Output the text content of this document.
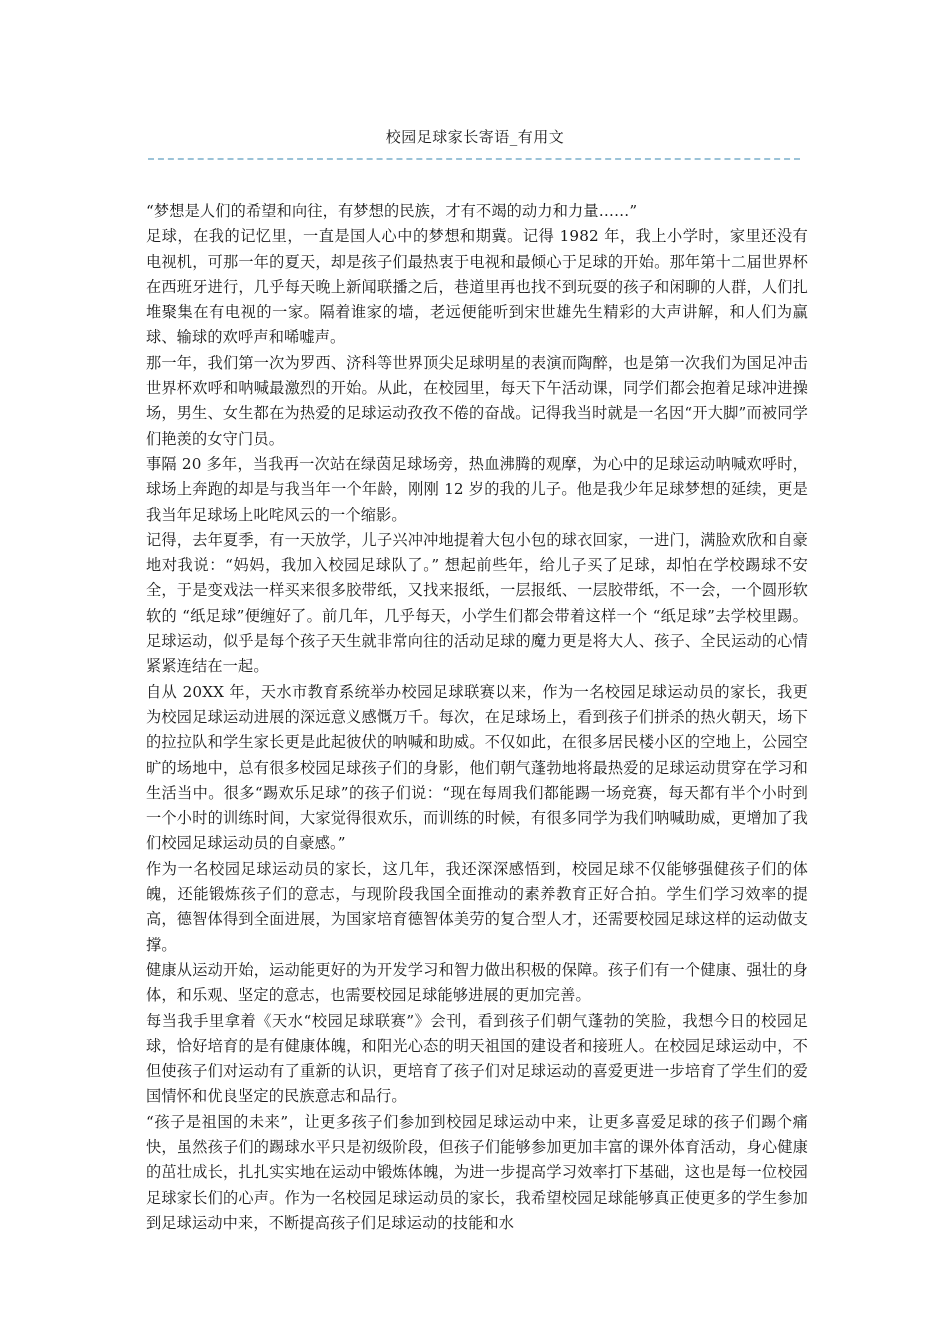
校园足球家长寄语_有用文

“梦想是人们的希望和向往，有梦想的民族，才有不竭的动力和力量……”

足球，在我的记忆里，一直是国人心中的梦想和期冀。记得 1982 年，我上小学时，家里还没有电视机，可那一年的夏天，却是孩子们最热衷于电视和最倾心于足球的开始。那年第十二届世界杯在西班牙进行，几乎每天晚上新闻联播之后，巷道里再也找不到玩耍的孩子和闲聊的人群，人们扎堆聚集在有电视的一家。隔着谁家的墙，老远便能听到宋世雄先生精彩的大声讲解，和人们为赢球、输球的欢呼声和唏嘘声。

那一年，我们第一次为罗西、济科等世界顶尖足球明星的表演而陶醉，也是第一次我们为国足冲击世界杯欢呼和呐喊最激烈的开始。从此，在校园里，每天下午活动课，同学们都会抱着足球冲进操场，男生、女生都在为热爱的足球运动孜孜不倦的奋战。记得我当时就是一名因“开大脚”而被同学们艳羡的女守门员。

事隔 20 多年，当我再一次站在绿茵足球场旁，热血沸腾的观摩，为心中的足球运动呐喊欢呼时，球场上奔跑的却是与我当年一个年龄，刚刚 12 岁的我的儿子。他是我少年足球梦想的延续，更是我当年足球场上叱咤风云的一个缩影。

记得，去年夏季，有一天放学，儿子兴冲冲地提着大包小包的球衣回家，一进门，满脸欢欣和自豪地对我说：“妈妈，我加入校园足球队了。” 想起前些年，给儿子买了足球，却怕在学校踢球不安全，于是变戏法一样买来很多胶带纸，又找来报纸，一层报纸、一层胶带纸，不一会，一个圆形软软的 “纸足球”便缠好了。前几年，几乎每天，小学生们都会带着这样一个 “纸足球”去学校里踢。足球运动，似乎是每个孩子天生就非常向往的活动足球的魔力更是将大人、孩子、全民运动的心情紧紧连结在一起。

自从 20XX 年，天水市教育系统举办校园足球联赛以来，作为一名校园足球运动员的家长，我更为校园足球运动进展的深远意义感慨万千。每次，在足球场上，看到孩子们拼杀的热火朝天，场下的拉拉队和学生家长更是此起彼伏的呐喊和助威。不仅如此，在很多居民楼小区的空地上，公园空旷的场地中，总有很多校园足球孩子们的身影，他们朝气蓬勃地将最热爱的足球运动贯穿在学习和生活当中。很多“踢欢乐足球”的孩子们说：“现在每周我们都能踢一场竞赛，每天都有半个小时到一个小时的训练时间，大家觉得很欢乐，而训练的时候，有很多同学为我们呐喊助威，更增加了我们校园足球运动员的自豪感。”

作为一名校园足球运动员的家长，这几年，我还深深感悟到，校园足球不仅能够强健孩子们的体魄，还能锻炼孩子们的意志，与现阶段我国全面推动的素养教育正好合拍。学生们学习效率的提高，德智体得到全面进展，为国家培育德智体美劳的复合型人才，还需要校园足球这样的运动做支撑。

健康从运动开始，运动能更好的为开发学习和智力做出积极的保障。孩子们有一个健康、强壮的身体，和乐观、坚定的意志，也需要校园足球能够进展的更加完善。

每当我手里拿着《天水“校园足球联赛”》会刊，看到孩子们朝气蓬勃的笑脸，我想今日的校园足球，恰好培育的是有健康体魄，和阳光心态的明天祖国的建设者和接班人。在校园足球运动中，不但使孩子们对运动有了重新的认识，更培育了孩子们对足球运动的喜爱更进一步培育了学生们的爱国情怀和优良坚定的民族意志和品行。

“孩子是祖国的未来”，让更多孩子们参加到校园足球运动中来，让更多喜爱足球的孩子们踢个痛快，虽然孩子们的踢球水平只是初级阶段，但孩子们能够参加更加丰富的课外体育活动，身心健康的茁壮成长，扎扎实实地在运动中锻炼体魄，为进一步提高学习效率打下基础，这也是每一位校园足球家长们的心声。作为一名校园足球运动员的家长，我希望校园足球能够真正使更多的学生参加到足球运动中来，不断提高孩子们足球运动的技能和水
